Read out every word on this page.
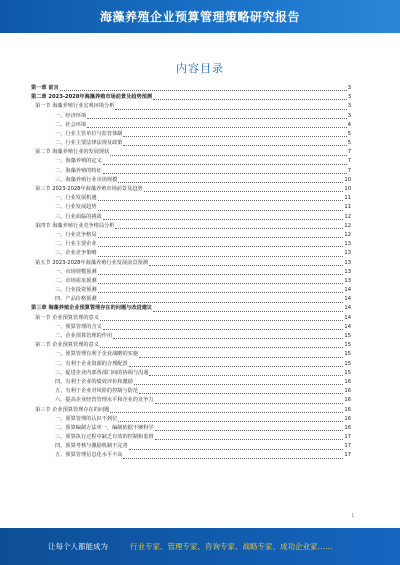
海藻养殖企业预算管理策略研究报告
内容目录
第一章 前言	3
第二章 2023-2028年海藻养殖市场前景及趋势预测	3
第一节 海藻养殖行业宏观环境分析	3
一、经济环境	3
二、社会环境	4
一、行业主管单位与监管体制	5
二、行业主要法律法规及政策	5
第二节 海藻养殖行业的发展现状	7
一、海藻养殖的定义	7
二、海藻养殖的特征	7
三、海藻养殖行业市场规模	10
第三节 2023-2028年海藻养殖市场前景及趋势	10
一、行业发展机遇	11
二、行业发展趋势	11
三、行业面临的挑战	12
第四节 海藻养殖行业竞争格局分析	12
一、行业竞争格局	12
二、行业主要企业	13
三、企业竞争策略	13
第五节 2023-2028年海藻养殖行业发展前景预测	13
一、市场规模预测	13
二、市场需求预测	13
三、行业投资预测	14
四、产品价格预测	14
第三章 海藻养殖企业预算管理存在的问题与改进建议	14
第一节 企业预算管理的意义	14
一、预算管理的含义	14
二、企业预算管理的作用	15
第二节 企业预算管理的意义	15
一、预算管理有利于企业战略的实施	15
二、有利于企业资源的合理配置	15
三、促进企业内部各部门间的协调与沟通	15
四、有利于企业的绩效评价和激励	16
五、有利于企业对风险的控制与防范	16
六、提高企业经营管理水平和企业的竞争力	16
第三节 企业预算管理存在的问题	16
一、预算管理的认识不到位	16
二、预算编制方法单一，编制依据不够科学	16
三、预算执行过程中缺乏有效的控制和监督	17
四、预算考核与激励机制不完善	17
五、预算管理信息化水平不高	17
1
让每个人都能成为	行业专家、管理专家、咨询专家、战略专家、成功企业家……
